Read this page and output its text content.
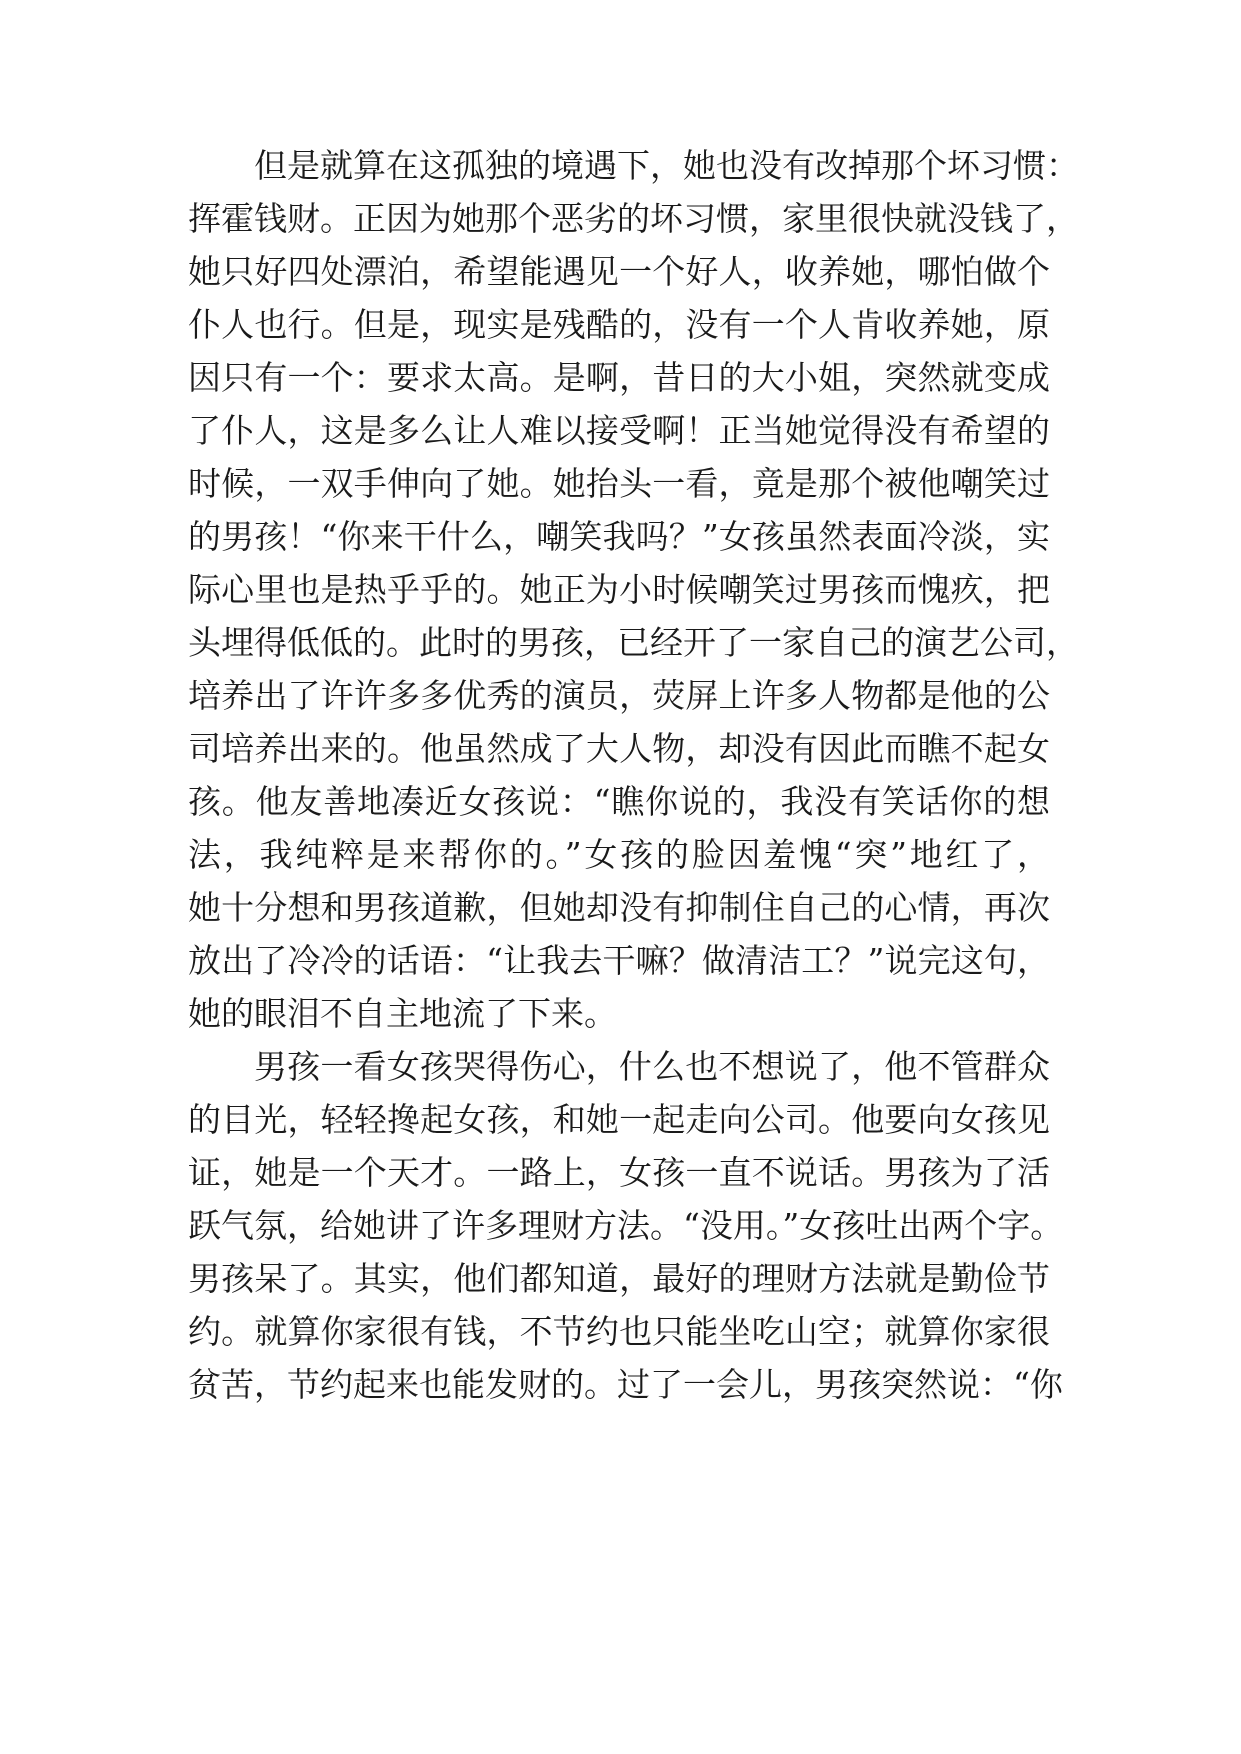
但是就算在这孤独的境遇下，她也没有改掉那个坏习惯：
挥霍钱财。正因为她那个恶劣的坏习惯，家里很快就没钱了，
她只好四处漂泊，希望能遇见一个好人，收养她，哪怕做个
仆人也行。但是，现实是残酷的，没有一个人肯收养她，原
因只有一个：要求太高。是啊，昔日的大小姐，突然就变成
了仆人，这是多么让人难以接受啊！正当她觉得没有希望的
时候，一双手伸向了她。她抬头一看，竟是那个被他嘲笑过
的男孩！“你来干什么，嘲笑我吗？”女孩虽然表面冷淡，实
际心里也是热乎乎的。她正为小时候嘲笑过男孩而愧疚，把
头埋得低低的。此时的男孩，已经开了一家自己的演艺公司，
培养出了许许多多优秀的演员，荧屏上许多人物都是他的公
司培养出来的。他虽然成了大人物，却没有因此而瞧不起女
孩。他友善地凑近女孩说：“瞧你说的，我没有笑话你的想
法，我纯粹是来帮你的。”女孩的脸因羞愧“突”地红了，
她十分想和男孩道歉，但她却没有抑制住自己的心情，再次
放出了冷冷的话语：“让我去干嘛？做清洁工？”说完这句，
她的眼泪不自主地流了下来。
男孩一看女孩哭得伤心，什么也不想说了，他不管群众
的目光，轻轻搀起女孩，和她一起走向公司。他要向女孩见
证，她是一个天才。一路上，女孩一直不说话。男孩为了活
跃气氛，给她讲了许多理财方法。“没用。”女孩吐出两个字。
男孩呆了。其实，他们都知道，最好的理财方法就是勤俭节
约。就算你家很有钱，不节约也只能坐吃山空；就算你家很
贫苦，节约起来也能发财的。过了一会儿，男孩突然说：“你
